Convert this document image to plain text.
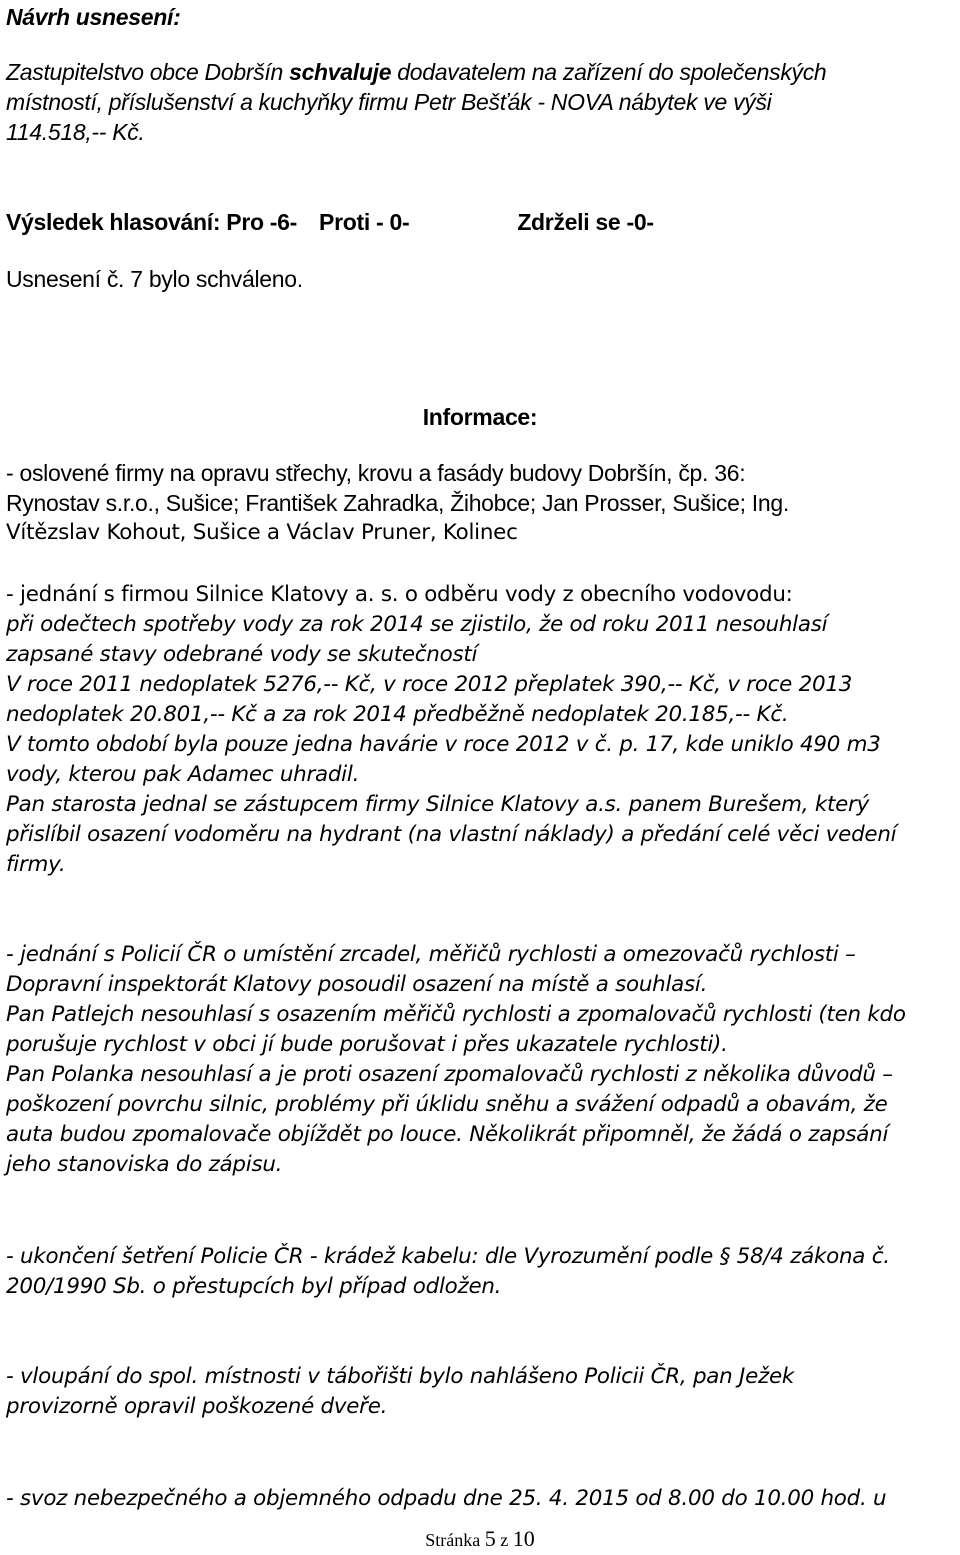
Návrh usnesení:
Zastupitelstvo obce Dobršín schvaluje dodavatelem na zařízení do společenských
místností, příslušenství a kuchyňky firmu Petr Bešťák - NOVA nábytek ve výši
114.518,-- Kč.
Výsledek hlasování: Pro -6- Proti - 0-	Zdrželi se -0-
Usnesení č. 7 bylo schváleno.
Informace:
- oslovené firmy na opravu střechy, krovu a fasády budovy Dobršín, čp. 36:
Rynostav s.r.o., Sušice; František Zahradka, Žihobce; Jan Prosser, Sušice; Ing.
Vítězslav Kohout, Sušice a Václav Pruner, Kolinec
- jednání s firmou Silnice Klatovy a. s. o odběru vody z obecního vodovodu:
při odečtech spotřeby vody za rok 2014 se zjistilo, že od roku 2011 nesouhlasí
zapsané stavy odebrané vody se skutečností
V roce 2011 nedoplatek 5276,-- Kč, v roce 2012 přeplatek 390,-- Kč, v roce 2013
nedoplatek 20.801,-- Kč a za rok 2014 předběžně nedoplatek 20.185,-- Kč.
V tomto období byla pouze jedna havárie v roce 2012 v č. p. 17, kde uniklo 490 m3
vody, kterou pak Adamec uhradil.
Pan starosta jednal se zástupcem firmy Silnice Klatovy a.s. panem Burešem, který
přislíbil osazení vodoměru na hydrant (na vlastní náklady) a předání celé věci vedení
firmy.
- jednání s Policií ČR o umístění zrcadel, měřičů rychlosti a omezovačů rychlosti –
Dopravní inspektorát Klatovy posoudil osazení na místě a souhlasí.
Pan Patlejch nesouhlasí s osazením měřičů rychlosti a zpomalovačů rychlosti (ten kdo
porušuje rychlost v obci jí bude porušovat i přes ukazatele rychlosti).
Pan Polanka nesouhlasí a je proti osazení zpomalovačů rychlosti z několika důvodů –
poškození povrchu silnic, problémy při úklidu sněhu a svážení odpadů a obavám, že
auta budou zpomalovače objíždět po louce. Několikrát připomněl, že žádá o zapsání
jeho stanoviska do zápisu.
- ukončení šetření Policie ČR - krádež kabelu: dle Vyrozumění podle § 58/4 zákona č.
200/1990 Sb. o přestupcích byl případ odložen.
- vloupání do spol. místnosti v tábořišti bylo nahlášeno Policii ČR, pan Ježek
provizorně opravil poškozené dveře.
- svoz nebezpečného a objemného odpadu dne 25. 4. 2015 od 8.00 do 10.00 hod. u
Stránka 5 z 10
